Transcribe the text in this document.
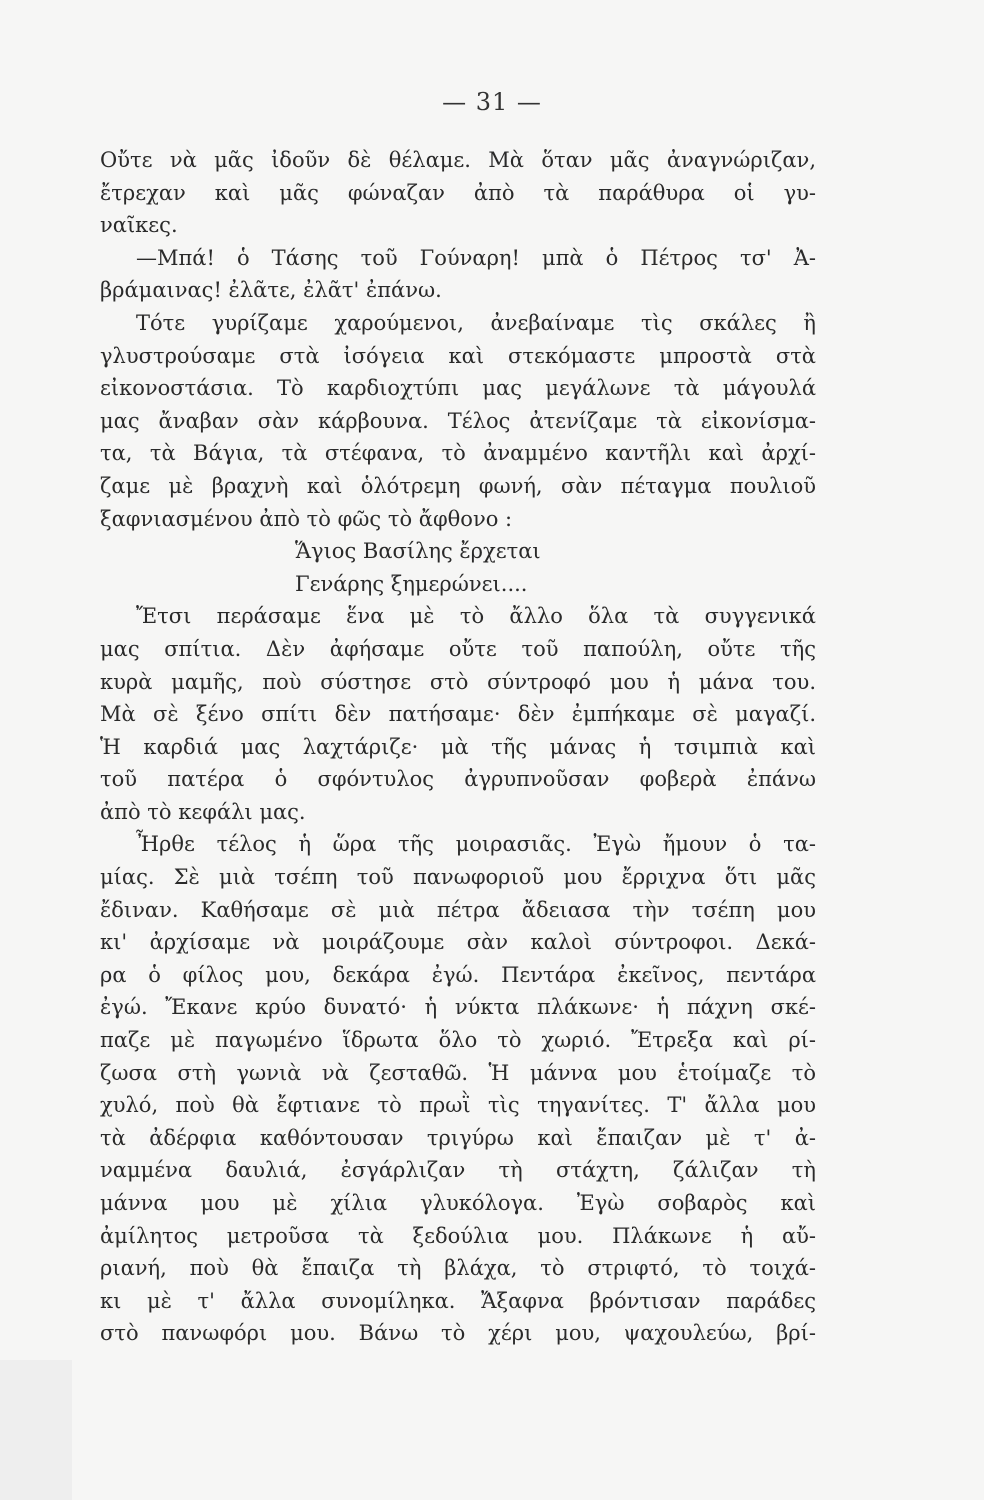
— 31 —
Οὔτε νὰ μᾶς ἰδοῦν δὲ θέλαμε. Μὰ ὅταν μᾶς ἀναγνώριζαν,
ἔτρεχαν καὶ μᾶς φώναζαν ἀπὸ τὰ παράθυρα οἱ γυ-
ναῖκες.
—Μπά! ὁ Τάσης τοῦ Γούναρη! μπὰ ὁ Πέτρος τσ' Ἀ-
βράμαινας! ἐλᾶτε, ἐλᾶτ' ἐπάνω.
Τότε γυρίζαμε χαρούμενοι, ἀνεβαίναμε τὶς σκάλες ἢ
γλυστρούσαμε στὰ ἰσόγεια καὶ στεκόμαστε μπροστὰ στὰ
εἰκονοστάσια. Τὸ καρδιοχτύπι μας μεγάλωνε τὰ μάγουλά
μας ἄναβαν σὰν κάρβουνα. Τέλος ἀτενίζαμε τὰ εἰκονίσμα-
τα, τὰ Βάγια, τὰ στέφανα, τὸ ἀναμμένο καντῆλι καὶ ἀρχί-
ζαμε μὲ βραχνὴ καὶ ὁλότρεμη φωνή, σὰν πέταγμα πουλιοῦ
ξαφνιασμένου ἀπὸ τὸ φῶς τὸ ἄφθονο :
Ἅγιος Βασίλης ἔρχεται
Γενάρης ξημερώνει....
Ἔτσι περάσαμε ἕνα μὲ τὸ ἄλλο ὅλα τὰ συγγενικά
μας σπίτια. Δὲν ἀφήσαμε οὔτε τοῦ παπούλη, οὔτε τῆς
κυρὰ μαμῆς, ποὺ σύστησε στὸ σύντροφό μου ἡ μάνα του.
Μὰ σὲ ξένο σπίτι δὲν πατήσαμε· δὲν ἐμπήκαμε σὲ μαγαζί.
Ἡ καρδιά μας λαχτάριζε· μὰ τῆς μάνας ἡ τσιμπιὰ καὶ
τοῦ πατέρα ὁ σφόντυλος ἀγρυπνοῦσαν φοβερὰ ἐπάνω
ἀπὸ τὸ κεφάλι μας.
Ἦρθε τέλος ἡ ὥρα τῆς μοιρασιᾶς. Ἐγὼ ἤμουν ὁ τα-
μίας. Σὲ μιὰ τσέπη τοῦ πανωφοριοῦ μου ἔρριχνα ὅτι μᾶς
ἔδιναν. Καθήσαμε σὲ μιὰ πέτρα ἄδειασα τὴν τσέπη μου
κι' ἀρχίσαμε νὰ μοιράζουμε σὰν καλοὶ σύντροφοι. Δεκά-
ρα ὁ φίλος μου, δεκάρα ἐγώ. Πεντάρα ἐκεῖνος, πεντάρα
ἐγώ. Ἔκανε κρύο δυνατό· ἡ νύκτα πλάκωνε· ἡ πάχνη σκέ-
παζε μὲ παγωμένο ἵδρωτα ὅλο τὸ χωριό. Ἔτρεξα καὶ ρί-
ζωσα στὴ γωνιὰ νὰ ζεσταθῶ. Ἡ μάννα μου ἑτοίμαζε τὸ
χυλό, ποὺ θὰ ἔφτιανε τὸ πρωῒ τὶς τηγανίτες. Τ' ἄλλα μου
τὰ ἀδέρφια καθόντουσαν τριγύρω καὶ ἔπαιζαν μὲ τ' ἀ-
ναμμένα δαυλιά, ἐσγάρλιζαν τὴ στάχτη, ζάλιζαν τὴ
μάννα μου μὲ χίλια γλυκόλογα. Ἐγὼ σοβαρὸς καὶ
ἀμίλητος μετροῦσα τὰ ξεδούλια μου. Πλάκωνε ἡ αὔ-
ριανή, ποὺ θὰ ἔπαιζα τὴ βλάχα, τὸ στριφτό, τὸ τοιχά-
κι μὲ τ' ἄλλα συνομίληκα. Ἄξαφνα βρόντισαν παράδες
στὸ πανωφόρι μου. Βάνω τὸ χέρι μου, ψαχουλεύω, βρί-
